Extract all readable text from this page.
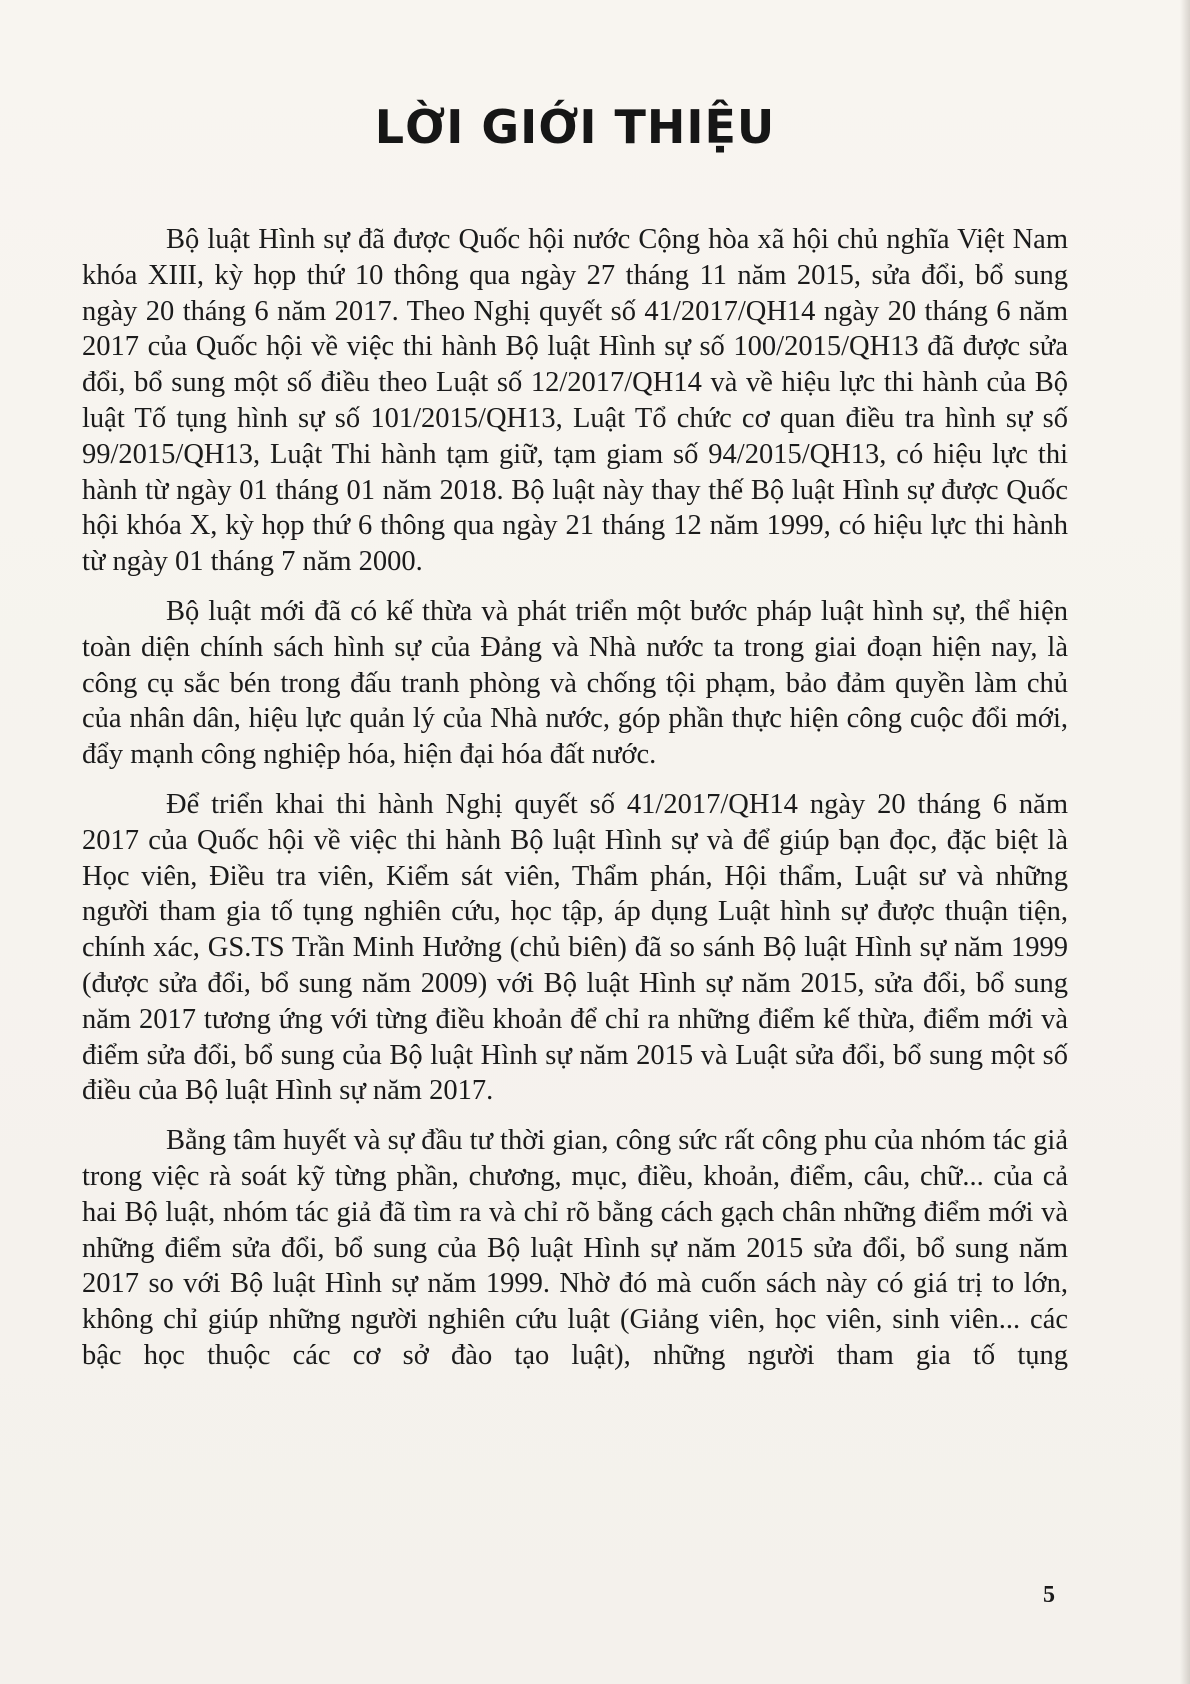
LỜI GIỚI THIỆU

Bộ luật Hình sự đã được Quốc hội nước Cộng hòa xã hội chủ nghĩa Việt Nam khóa XIII, kỳ họp thứ 10 thông qua ngày 27 tháng 11 năm 2015, sửa đổi, bổ sung ngày 20 tháng 6 năm 2017. Theo Nghị quyết số 41/2017/QH14 ngày 20 tháng 6 năm 2017 của Quốc hội về việc thi hành Bộ luật Hình sự số 100/2015/QH13 đã được sửa đổi, bổ sung một số điều theo Luật số 12/2017/QH14 và về hiệu lực thi hành của Bộ luật Tố tụng hình sự số 101/2015/QH13, Luật Tổ chức cơ quan điều tra hình sự số 99/2015/QH13, Luật Thi hành tạm giữ, tạm giam số 94/2015/QH13, có hiệu lực thi hành từ ngày 01 tháng 01 năm 2018. Bộ luật này thay thế Bộ luật Hình sự được Quốc hội khóa X, kỳ họp thứ 6 thông qua ngày 21 tháng 12 năm 1999, có hiệu lực thi hành từ ngày 01 tháng 7 năm 2000.

Bộ luật mới đã có kế thừa và phát triển một bước pháp luật hình sự, thể hiện toàn diện chính sách hình sự của Đảng và Nhà nước ta trong giai đoạn hiện nay, là công cụ sắc bén trong đấu tranh phòng và chống tội phạm, bảo đảm quyền làm chủ của nhân dân, hiệu lực quản lý của Nhà nước, góp phần thực hiện công cuộc đổi mới, đẩy mạnh công nghiệp hóa, hiện đại hóa đất nước.

Để triển khai thi hành Nghị quyết số 41/2017/QH14 ngày 20 tháng 6 năm 2017 của Quốc hội về việc thi hành Bộ luật Hình sự và để giúp bạn đọc, đặc biệt là Học viên, Điều tra viên, Kiểm sát viên, Thẩm phán, Hội thẩm, Luật sư và những người tham gia tố tụng nghiên cứu, học tập, áp dụng Luật hình sự được thuận tiện, chính xác, GS.TS Trần Minh Hưởng (chủ biên) đã so sánh Bộ luật Hình sự năm 1999 (được sửa đổi, bổ sung năm 2009) với Bộ luật Hình sự năm 2015, sửa đổi, bổ sung năm 2017 tương ứng với từng điều khoản để chỉ ra những điểm kế thừa, điểm mới và điểm sửa đổi, bổ sung của Bộ luật Hình sự năm 2015 và Luật sửa đổi, bổ sung một số điều của Bộ luật Hình sự năm 2017.

Bằng tâm huyết và sự đầu tư thời gian, công sức rất công phu của nhóm tác giả trong việc rà soát kỹ từng phần, chương, mục, điều, khoản, điểm, câu, chữ... của cả hai Bộ luật, nhóm tác giả đã tìm ra và chỉ rõ bằng cách gạch chân những điểm mới và những điểm sửa đổi, bổ sung của Bộ luật Hình sự năm 2015 sửa đổi, bổ sung năm 2017 so với Bộ luật Hình sự năm 1999. Nhờ đó mà cuốn sách này có giá trị to lớn, không chỉ giúp những người nghiên cứu luật (Giảng viên, học viên, sinh viên... các bậc học thuộc các cơ sở đào tạo luật), những người tham gia tố tụng

5
